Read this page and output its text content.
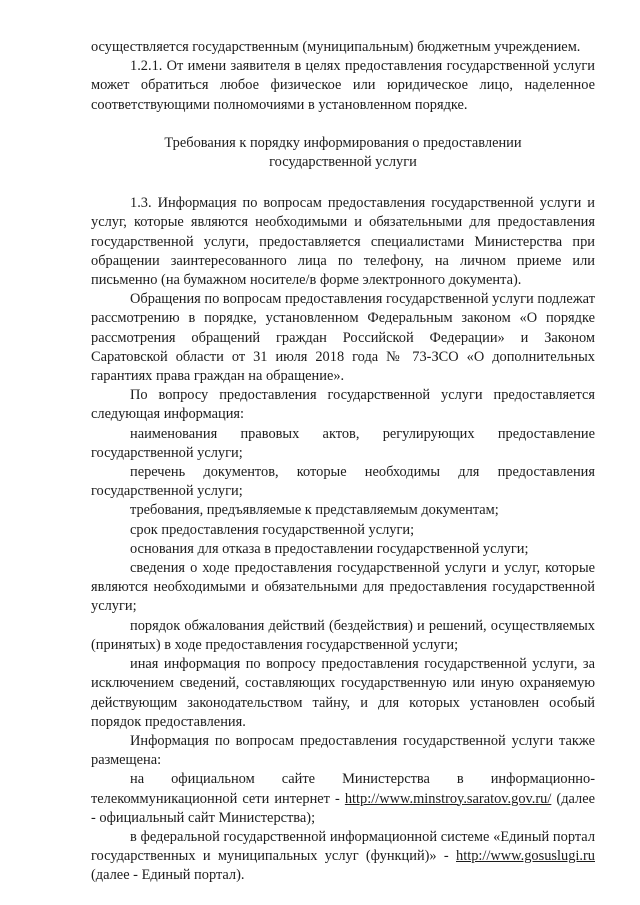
осуществляется государственным (муниципальным) бюджетным учреждением.

1.2.1. От имени заявителя в целях предоставления государственной услуги может обратиться любое физическое или юридическое лицо, наделенное соответствующими полномочиями в установленном порядке.

Требования к порядку информирования о предоставлении государственной услуги

1.3. Информация по вопросам предоставления государственной услуги и услуг, которые являются необходимыми и обязательными для предоставления государственной услуги, предоставляется специалистами Министерства при обращении заинтересованного лица по телефону, на личном приеме или письменно (на бумажном носителе/в форме электронного документа).

Обращения по вопросам предоставления государственной услуги подлежат рассмотрению в порядке, установленном Федеральным законом «О порядке рассмотрения обращений граждан Российской Федерации» и Законом Саратовской области от 31 июля 2018 года № 73-ЗСО «О дополнительных гарантиях права граждан на обращение».

По вопросу предоставления государственной услуги предоставляется следующая информация:

наименования правовых актов, регулирующих предоставление государственной услуги;

перечень документов, которые необходимы для предоставления государственной услуги;

требования, предъявляемые к представляемым документам;

срок предоставления государственной услуги;

основания для отказа в предоставлении государственной услуги;

сведения о ходе предоставления государственной услуги и услуг, которые являются необходимыми и обязательными для предоставления государственной услуги;

порядок обжалования действий (бездействия) и решений, осуществляемых (принятых) в ходе предоставления государственной услуги;

иная информация по вопросу предоставления государственной услуги, за исключением сведений, составляющих государственную или иную охраняемую действующим законодательством тайну, и для которых установлен особый порядок предоставления.

Информация по вопросам предоставления государственной услуги также размещена:

на официальном сайте Министерства в информационно-телекоммуникационной сети интернет - http://www.minstroy.saratov.gov.ru/ (далее - официальный сайт Министерства);

в федеральной государственной информационной системе «Единый портал государственных и муниципальных услуг (функций)» - http://www.gosuslugi.ru (далее - Единый портал).
